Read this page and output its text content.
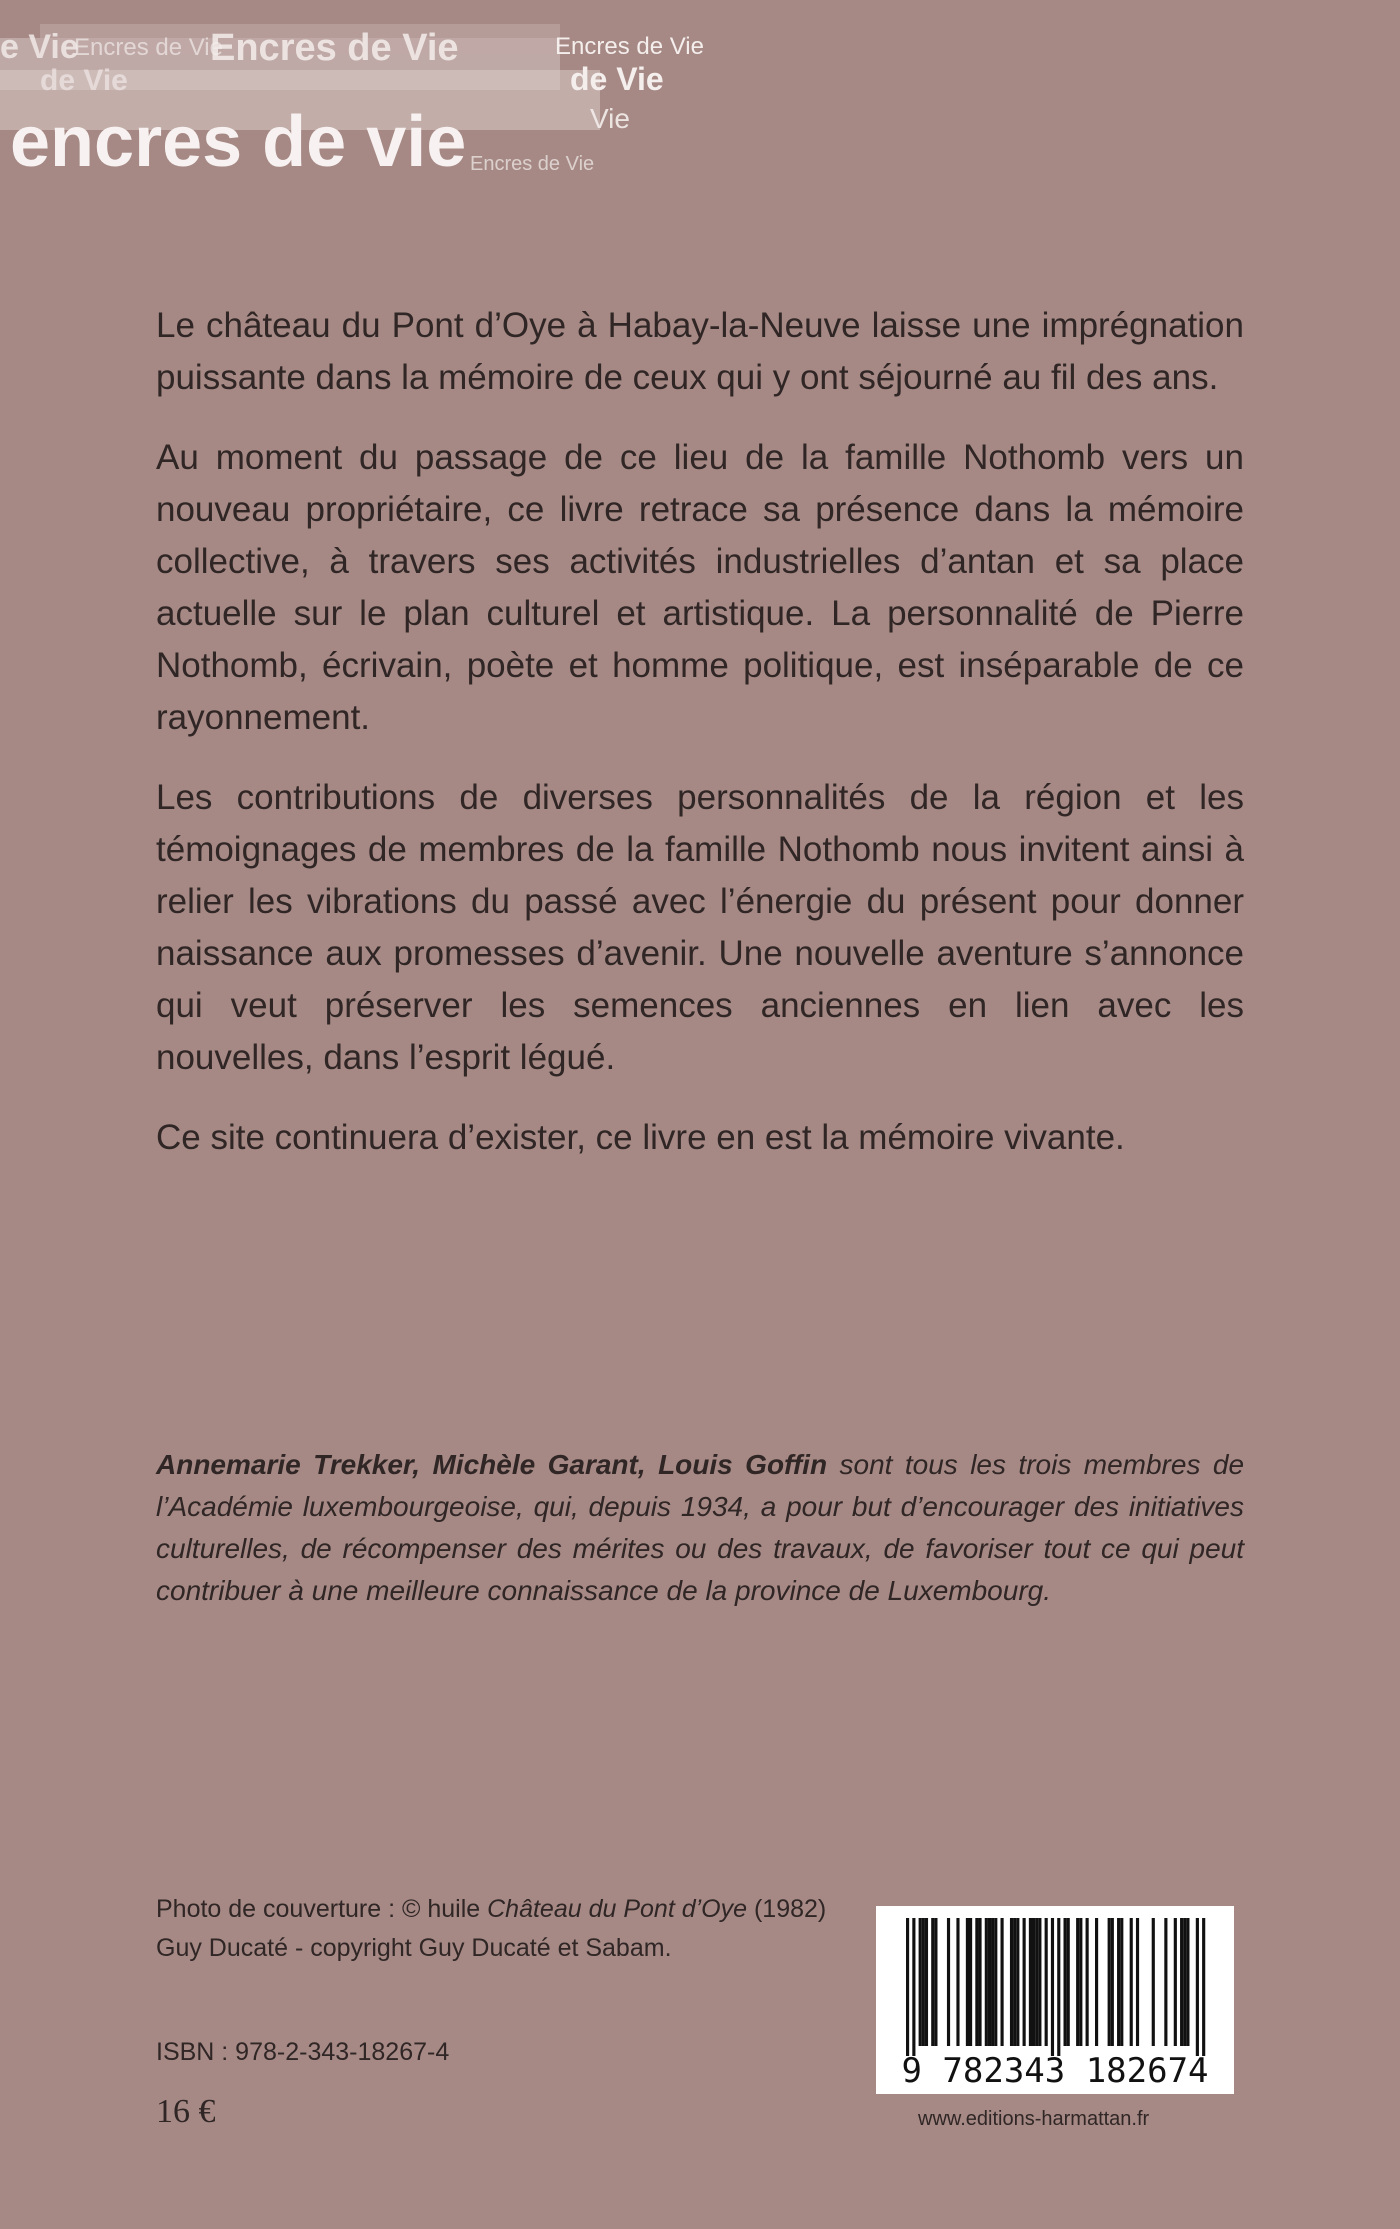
e Vie
Encres de Vie
Encres de Vie	Encres de Vie
de Vie	de Vie
Vie
Encres de Vie
encres de vie

Le château du Pont d’Oye à Habay-la-Neuve laisse une imprégnation puissante dans la mémoire de ceux qui y ont séjourné au fil des ans.

Au moment du passage de ce lieu de la famille Nothomb vers un nouveau propriétaire, ce livre retrace sa présence dans la mémoire collective, à travers ses activités industrielles d’antan et sa place actuelle sur le plan culturel et artistique. La personnalité de Pierre Nothomb, écrivain, poète et homme politique, est inséparable de ce rayonnement.

Les contributions de diverses personnalités de la région et les témoignages de membres de la famille Nothomb nous invitent ainsi à relier les vibrations du passé avec l’énergie du présent pour donner naissance aux promesses d’avenir. Une nouvelle aventure s’annonce qui veut préserver les semences anciennes en lien avec les nouvelles, dans l’esprit légué.

Ce site continuera d’exister, ce livre en est la mémoire vivante.

Annemarie Trekker, Michèle Garant, Louis Goffin sont tous les trois membres de l’Académie luxembourgeoise, qui, depuis 1934, a pour but d’encourager des initiatives culturelles, de récompenser des mérites ou des travaux, de favoriser tout ce qui peut contribuer à une meilleure connaissance de la province de Luxembourg.

Photo de couverture : © huile Château du Pont d’Oye (1982) Guy Ducaté - copyright Guy Ducaté et Sabam.

ISBN : 978-2-343-18267-4
16 €
9 782343 182674
www.editions-harmattan.fr
